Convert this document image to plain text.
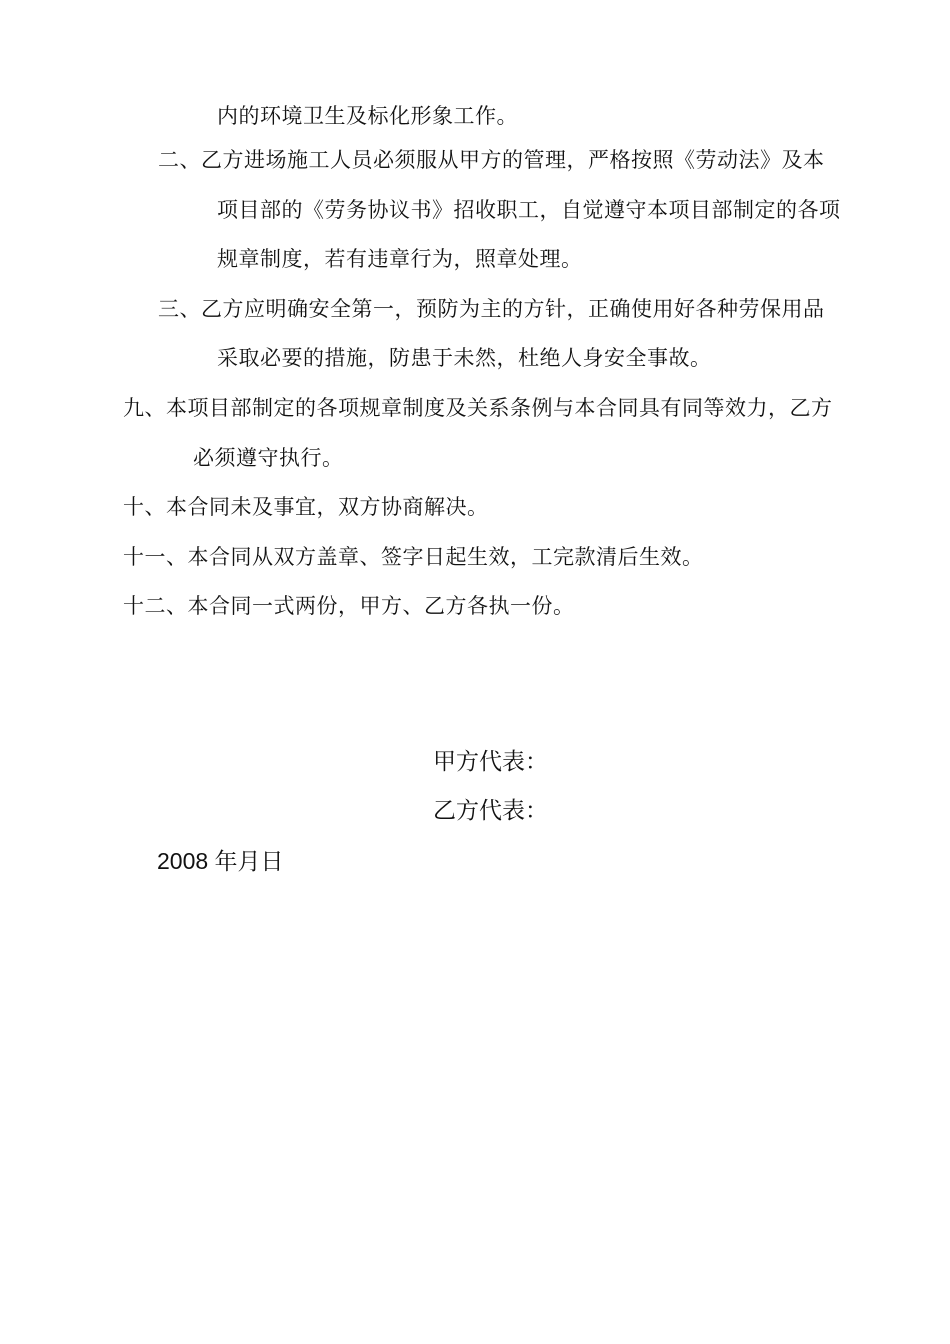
内的环境卫生及标化形象工作。
二、乙方进场施工人员必须服从甲方的管理，严格按照《劳动法》及本
项目部的《劳务协议书》招收职工，自觉遵守本项目部制定的各项
规章制度，若有违章行为，照章处理。
三、乙方应明确安全第一，预防为主的方针，正确使用好各种劳保用品
采取必要的措施，防患于未然，杜绝人身安全事故。
九、本项目部制定的各项规章制度及关系条例与本合同具有同等效力，乙方
必须遵守执行。
十、本合同未及事宜，双方协商解决。
十一、本合同从双方盖章、签字日起生效，工完款清后生效。
十二、本合同一式两份，甲方、乙方各执一份。
甲方代表：
乙方代表：
2008 年月日
